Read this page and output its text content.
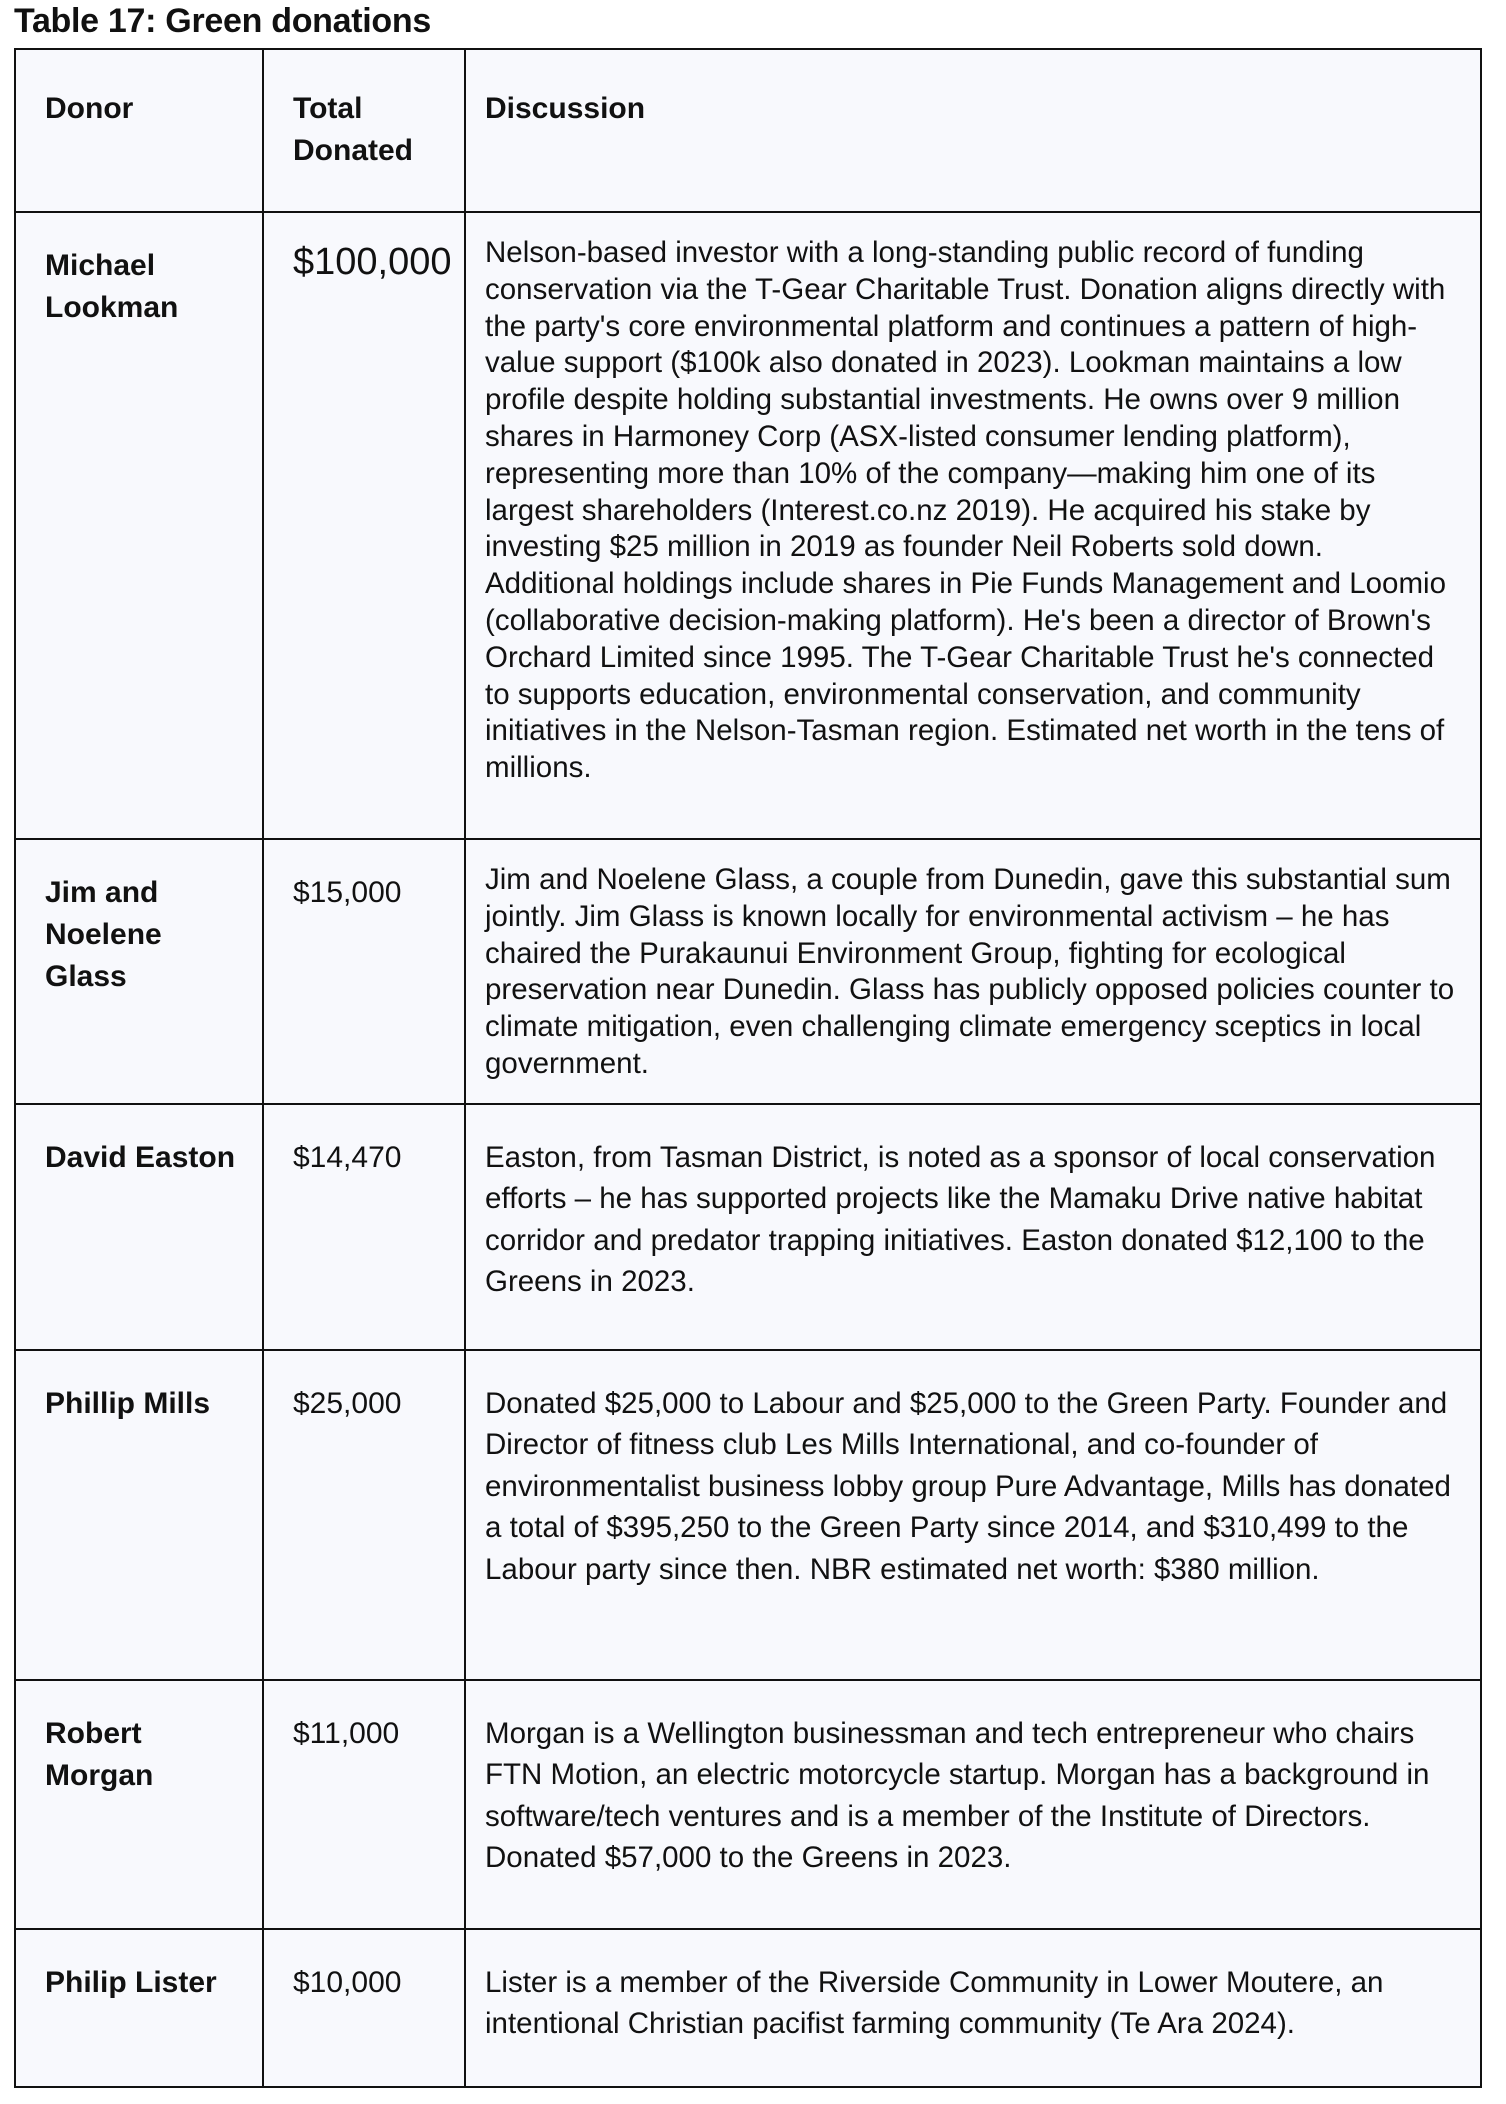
Table 17: Green donations
Donor	Total Donated	Discussion
Michael Lookman	$100,000	Nelson-based investor with a long-standing public record of funding conservation via the T-Gear Charitable Trust. Donation aligns directly with the party's core environmental platform and continues a pattern of high-value support ($100k also donated in 2023). Lookman maintains a low profile despite holding substantial investments. He owns over 9 million shares in Harmoney Corp (ASX-listed consumer lending platform), representing more than 10% of the company—making him one of its largest shareholders (Interest.co.nz 2019). He acquired his stake by investing $25 million in 2019 as founder Neil Roberts sold down.

Additional holdings include shares in Pie Funds Management and Loomio (collaborative decision-making platform). He's been a director of Brown's Orchard Limited since 1995. The T-Gear Charitable Trust he's connected to supports education, environmental conservation, and community initiatives in the Nelson-Tasman region. Estimated net worth in the tens of millions.

Jim and Noelene Glass	$15,000	Jim and Noelene Glass, a couple from Dunedin, gave this substantial sum jointly. Jim Glass is known locally for environmental activism – he has chaired the Purakaunui Environment Group, fighting for ecological preservation near Dunedin. Glass has publicly opposed policies counter to climate mitigation, even challenging climate emergency sceptics in local government.

David Easton	$14,470	Easton, from Tasman District, is noted as a sponsor of local conservation efforts – he has supported projects like the Mamaku Drive native habitat corridor and predator trapping initiatives. Easton donated $12,100 to the Greens in 2023.

Phillip Mills	$25,000	Donated $25,000 to Labour and $25,000 to the Green Party. Founder and Director of fitness club Les Mills International, and co-founder of environmentalist business lobby group Pure Advantage, Mills has donated a total of $395,250 to the Green Party since 2014, and $310,499 to the Labour party since then. NBR estimated net worth: $380 million.

Robert Morgan	$11,000	Morgan is a Wellington businessman and tech entrepreneur who chairs FTN Motion, an electric motorcycle startup. Morgan has a background in software/tech ventures and is a member of the Institute of Directors. Donated $57,000 to the Greens in 2023.

Philip Lister	$10,000	Lister is a member of the Riverside Community in Lower Moutere, an intentional Christian pacifist farming community (Te Ara 2024).
